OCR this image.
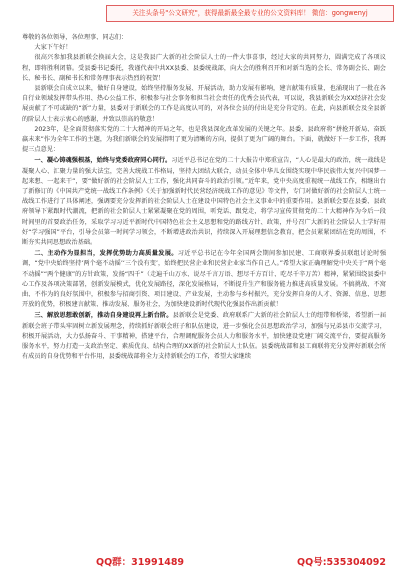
关注头条号"公文研究"，获得最新最全最专业的公文资料库！ 微信：gongwenyj

尊敬的各位领导，各位理事、同志们：

大家下午好！

很高兴参加我县新联会换届大会，这是我县广大新的社会阶层人士的一件大事喜事，经过大家的共同努力，圆满完成了各项议程，即将胜利闭幕。受县委书记委托，我谨代表中共XX县委、县委统战部，向大会的胜利召开和对新当选的会长、常务副会长、副会长、秘书长、副秘书长和常务理事表示热烈的祝贺！

县新联会自成立以来，做好自身建设，始终坚持服务发展、开展活动，助力发展有影响，建言献策有质量，也涌现出了一批在各自行业领域发挥带头作用、热心公益工作、积极参与社会事务和担当社会责任的优秀会员代表，可以说，我县新联会为XX经济社会发展贡献了不可或缺的“新”力量，县委对于新联会的工作是高度认可的，对各位会员的付出是充分肯定的。在此，向县新联会及全县新的阶层人士表示衷心的感谢，并致以崇高的敬意！

2023年，是全面贯彻落实党的二十大精神的开局之年，也是我县深化改革发展的关键之年。县委、县政府将“拼抢开新局、奋跃赢未来”作为全年工作的主题，为我们新联会的发展指明了更为清晰的方向，提供了更为广阔的舞台。下面，就做好下一步工作，我再提三点意见：

一、凝心铸魂强根基，始终与党委政府同心同行。习近平总书记在党的二十大报告中郑重宣告，“人心是最大的政治，统一战线是凝聚人心、汇聚力量的强大法宝，完善大统战工作格局，坚持大团结大联合，动员全体中华儿女围绕实现中华民族伟大复兴中国梦一起来想、一起来干”，要“做好新的社会阶层人士工作，强化共同奋斗的政治引领。”近年来，党中央高度重视统一战线工作，相继出台了新修订的《中国共产党统一战线工作条例》《关于加强新时代民营经济统战工作的意见》等文件，专门对做好新的社会阶层人士统一战线工作进行了具体阐述，强调要充分发挥新的社会阶层人士在建设中国特色社会主义事业中的重要作用。县新联会要在县委、县政府领导下紧跟时代潮流，把新的社会阶层人士紧紧凝聚在党的周围，听党话、跟党走，将学习宣传贯彻党的二十大精神作为今后一段时间里的首要政治任务，采取学习习近平新时代中国特色社会主义思想和党的路线方针、政策，并号召广大新的社会阶层人士学好用好“学习强国”平台，引导会员第一时间学习领会，不断增进政治共识，持续深入开展理想信念教育，把会员紧紧团结在党的周围，不断夯实共同思想政治基础。

二、主动作为显担当，发挥优势助力高质量发展。习近平总书记在今年全国两会期间参加民建、工商联界委员联组讨论时强调，“党中央始终坚持‘两个毫不动摇’‘三个没有变’，始终把民营企业和民营企业家当作自己人。”希望大家正确理解党中央关于“两个毫不动摇”“两个健康”的方针政策，发扬“四千”（走遍千山万水、说尽千言万语、想尽千方百计、吃尽千辛万苦）精神，紧紧围绕县委中心工作及各项决策部署，创新发展模式，优化发展路径，深化发展格局，不断提升生产和服务能力推进高质量发展。不搞挑战、不窝曲、不作为的良好氛围中，积极参与招商引资、项目建设、产业发展，主动参与乡村振兴，充分发挥自身的人才、资源、信息、思想开放的优势，积极建言献策、推动发展、服务社会，为加快建设新时代现代化强县作出新贡献！

三、解放思想敢创新，推动自身建设再上新台阶。县新联会是党委、政府联系广大新的社会阶层人士的纽带和桥梁，希望新一届新联会班子带头牢固树立新发展理念，持续抓好新联会班子和队伍建设，进一步强化会员思想政治学习，加强与兄弟县市交流学习，积极开展活动，大力弘扬奋斗、干事精神，搭建平台，合理调配服务会员人力和服务水平，加快建设党建厂阔交流平台，要提高服务服务水平，努力打造一支政治坚定、素质优良、结构合理的XX新的社会阶层人士队伍。县委统战部和县工商联将充分发挥好新联会所有成员的自身优势和平台作用，县委统战部将全力支持新联会的工作，希望大家继续

QQ群：31991489	QQ号:535304092
